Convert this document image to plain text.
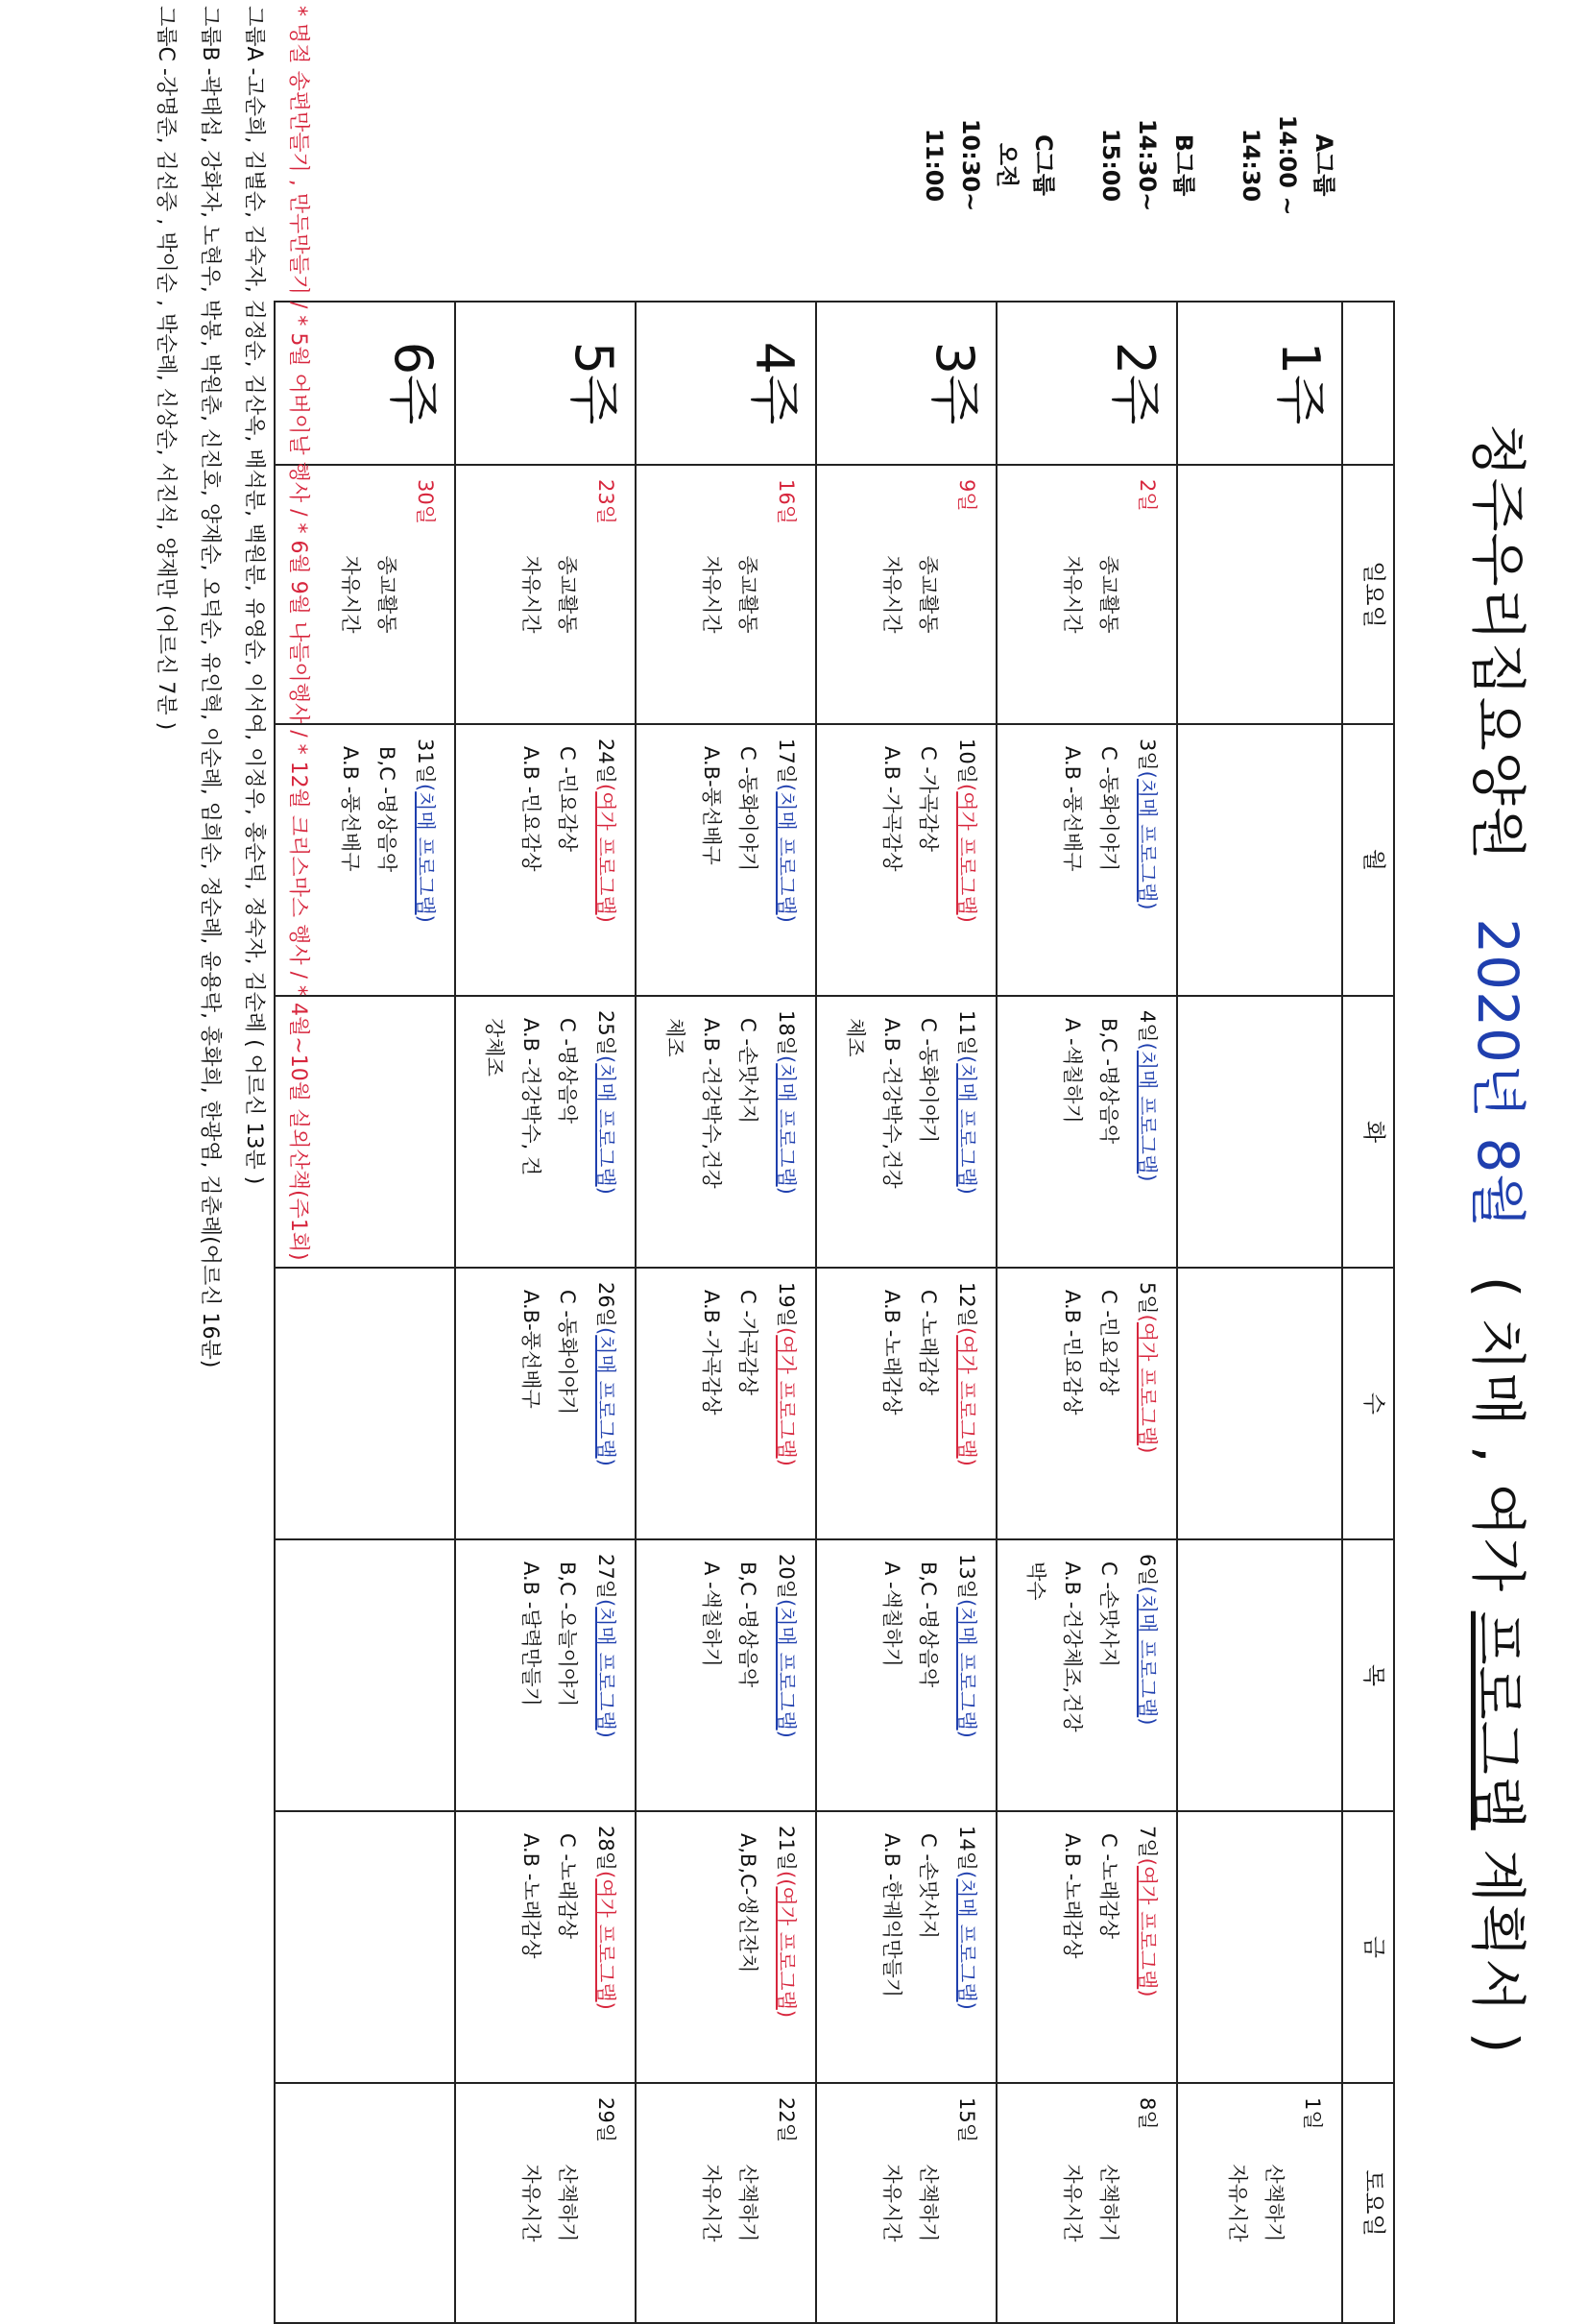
청주우리집요양원 2020년 8월 ( 치매 , 여가 프로그램 계획서 )
A그룹
14:00 ~
14:30
B그룹
14:30~
15:00
C그룹
오전
10:30~
11:00
	일요일	월	화	수	목	금	토요일
1주							1일
산책하기
자유시간

2주	2일
종교활동
자유시간	3일(치매 프로그램)
C -동화이야기
A.B -풍선배구	4일(치매 프로그램)
B,C -명상음악
A -색칠하기	5일(여가 프로그램)
C -민요감상
A.B -민요감상	6일(치매 프로그램)
C -손맛사지
A.B -건강체조,건강
박수	7일(여가 프로그램)
C -노래감상
A.B -노래감상	8일
산책하기
자유시간

3주	9일
종교활동
자유시간	10일(여가 프로그램)
C -가곡감상
A.B -가곡감상	11일(치매 프로그램)
C -동화이야기
A.B -건강박수,건강
체조	12일(여가 프로그램)
C -노래감상
A.B -노래감상	13일(치매 프로그램)
B,C -명상음악
A -색칠하기	14일(치매 프로그램)
C -손맛사지
A.B -한궤익만들기	15일
산책하기
자유시간

4주	16일
종교활동
자유시간	17일(치매 프로그램)
C -동화이야기
A.B-풍선배구	18일(치매 프로그램)
C -손맛사지
A.B -건강박수,건강
체조	19일(여가 프로그램)
C -가곡감상
A.B -가곡감상	20일(치매 프로그램)
B,C -명상음악
A -색칠하기	21일((여가 프로그램)
A,B,C-생신잔치	22일
산책하기
자유시간

5주	23일
종교활동
자유시간	24일(여가 프로그램)
C -민요감상
A.B -민요감상	25일(치매 프로그램)
C -명상음악
A.B -건강박수, 건
강체조	26일(치매 프로그램)
C -동화이야기
A.B-풍선배구	27일(치매 프로그램)
B,C -오늘이야기
A.B -달력만들기	28일(여가 프로그램)
C -노래감상
A.B -노래감상	29일
산책하기
자유시간

6주	30일
종교활동
자유시간	31일(치매 프로그램)
B,C -명상음악
A.B -풍선배구					

* 명절 송편만들기 , 만두만들기 / * 5월 어버이날 행사 / * 6월 9월 나들이행사 / * 12월 크리스마스 행사 / * 4월~10월 실외산책(주1회)
그룹A -고순희, 김별순, 김숙자, 김정순, 김산옥, 배석분, 백원분, 유영순, 이서여, 이정우, 홍순덕, 정숙자, 김순례 ( 어르신 13분 )
그룹B -곽태섭, 강화자, 노현우, 박봉, 박원춘, 신진호, 양재순, 오덕순, 유인혁, 이순례, 임희순, 정순례, 윤용락, 홍화희, 한광염, 김춘례(어르신 16분)
그룹C -강명준, 김선중 , 박이순 , 박순례, 신상순, 서진석, 양재만 (어르신 7분 )
